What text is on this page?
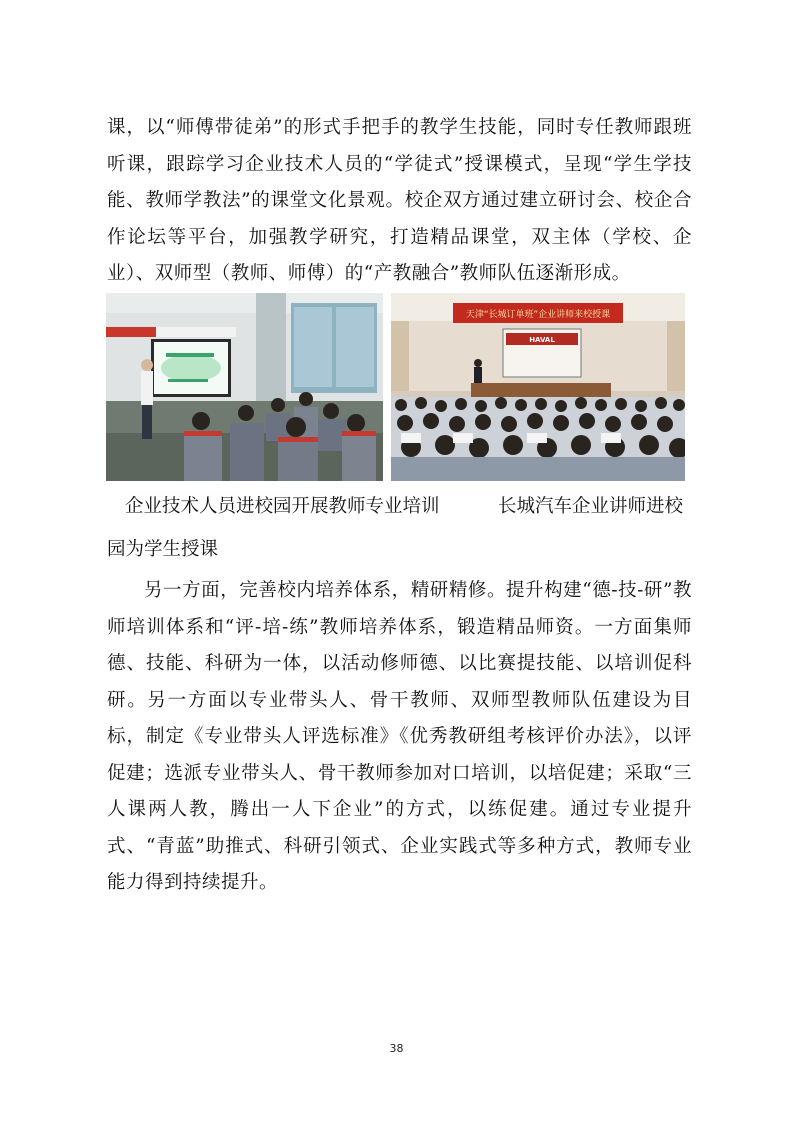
课，以“师傅带徒弟”的形式手把手的教学生技能，同时专任教师跟班听课，跟踪学习企业技术人员的“学徒式”授课模式，呈现“学生学技能、教师学教法”的课堂文化景观。校企双方通过建立研讨会、校企合作论坛等平台，加强教学研究，打造精品课堂，双主体（学校、企业）、双师型（教师、师傅）的“产教融合”教师队伍逐渐形成。

天津“长城订单班”企业讲师来校授课
HAVAL

企业技术人员进校园开展教师专业培训	长城汽车企业讲师进校

园为学生授课

另一方面，完善校内培养体系，精研精修。提升构建“德-技-研”教师培训体系和“评-培-练”教师培养体系，锻造精品师资。一方面集师德、技能、科研为一体，以活动修师德、以比赛提技能、以培训促科研。另一方面以专业带头人、骨干教师、双师型教师队伍建设为目标，制定《专业带头人评选标准》《优秀教研组考核评价办法》，以评促建；选派专业带头人、骨干教师参加对口培训，以培促建；采取“三人课两人教，腾出一人下企业”的方式，以练促建。通过专业提升式、“青蓝”助推式、科研引领式、企业实践式等多种方式，教师专业能力得到持续提升。

38
